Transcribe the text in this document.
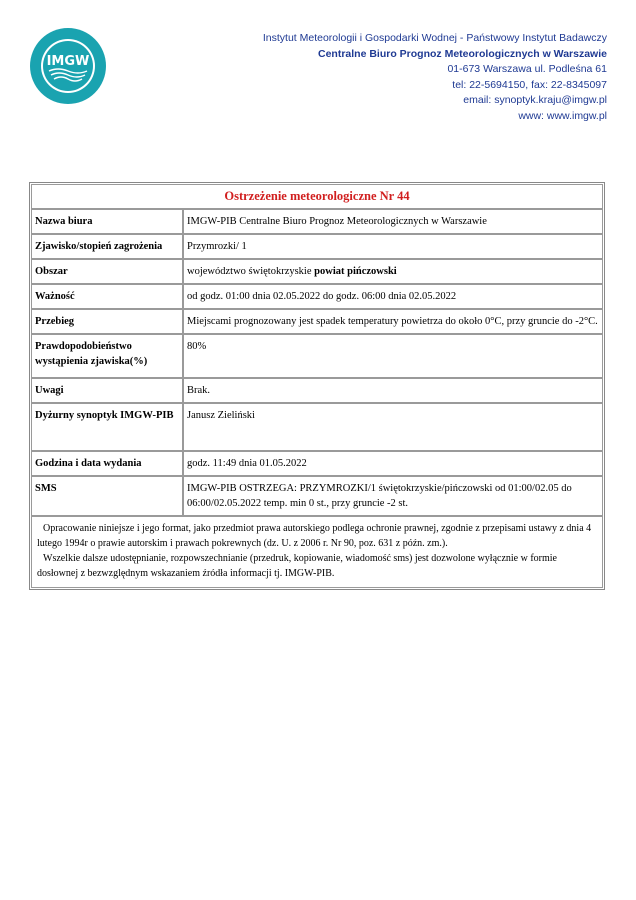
IMGW
Instytut Meteorologii i Gospodarki Wodnej - Państwowy Instytut Badawczy
Centralne Biuro Prognoz Meteorologicznych w Warszawie
01-673 Warszawa ul. Podleśna 61
tel: 22-5694150, fax: 22-8345097
email: synoptyk.kraju@imgw.pl
www: www.imgw.pl
Ostrzeżenie meteorologiczne Nr 44	
Nazwa biura	IMGW-PIB Centralne Biuro Prognoz Meteorologicznych w Warszawie
Zjawisko/stopień zagrożenia	Przymrozki/ 1
Obszar	województwo świętokrzyskie powiat pińczowski
Ważność	od godz. 01:00 dnia 02.05.2022 do godz. 06:00 dnia 02.05.2022
Przebieg	Miejscami prognozowany jest spadek temperatury powietrza do około 0°C, przy gruncie do -2°C.
Prawdopodobieństwo wystąpienia zjawiska(%)	80%
Uwagi	Brak.
Dyżurny synoptyk IMGW-PIB	Janusz Zieliński
Godzina i data wydania	godz. 11:49 dnia 01.05.2022
SMS	IMGW-PIB OSTRZEGA: PRZYMROZKI/1 świętokrzyskie/pińczowski od 01:00/02.05 do 06:00/02.05.2022 temp. min 0 st., przy gruncie -2 st.

Opracowanie niniejsze i jego format, jako przedmiot prawa autorskiego podlega ochronie prawnej, zgodnie z przepisami ustawy z dnia 4 lutego 1994r o prawie autorskim i prawach pokrewnych (dz. U. z 2006 r. Nr 90, poz. 631 z późn. zm.).

Wszelkie dalsze udostępnianie, rozpowszechnianie (przedruk, kopiowanie, wiadomość sms) jest dozwolone wyłącznie w formie dosłownej z bezwzględnym wskazaniem źródła informacji tj. IMGW-PIB.
